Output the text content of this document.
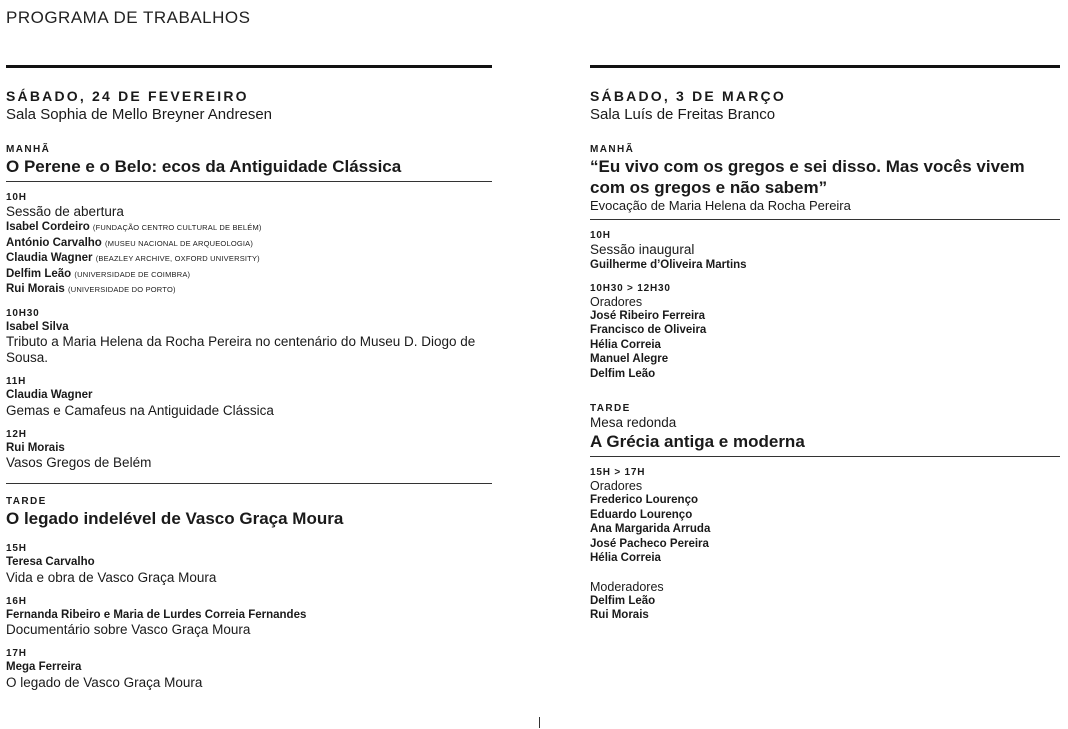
PROGRAMA DE TRABALHOS
SÁBADO, 24 DE FEVEREIRO
Sala Sophia de Mello Breyner Andresen
MANHÃ
O Perene e o Belo: ecos da Antiguidade Clássica
10H
Sessão de abertura
Isabel Cordeiro (FUNDAÇÃO CENTRO CULTURAL DE BELÉM)
António Carvalho (MUSEU NACIONAL DE ARQUEOLOGIA)
Claudia Wagner (BEAZLEY ARCHIVE, OXFORD UNIVERSITY)
Delfim Leão (UNIVERSIDADE DE COIMBRA)
Rui Morais (UNIVERSIDADE DO PORTO)
10H30
Isabel Silva
Tributo a Maria Helena da Rocha Pereira no centenário do Museu D. Diogo de Sousa.
11H
Claudia Wagner
Gemas e Camafeus na Antiguidade Clássica
12H
Rui Morais
Vasos Gregos de Belém
TARDE
O legado indelével de Vasco Graça Moura
15H
Teresa Carvalho
Vida e obra de Vasco Graça Moura
16H
Fernanda Ribeiro e Maria de Lurdes Correia Fernandes
Documentário sobre Vasco Graça Moura
17H
Mega Ferreira
O legado de Vasco Graça Moura
SÁBADO, 3 DE MARÇO
Sala Luís de Freitas Branco
MANHÃ
“Eu vivo com os gregos e sei disso. Mas vocês vivem com os gregos e não sabem”
Evocação de Maria Helena da Rocha Pereira
10H
Sessão inaugural
Guilherme d’Oliveira Martins
10H30 > 12H30
Oradores
José Ribeiro Ferreira
Francisco de Oliveira
Hélia Correia
Manuel Alegre
Delfim Leão
TARDE
Mesa redonda
A Grécia antiga e moderna
15H > 17H
Oradores
Frederico Lourenço
Eduardo Lourenço
Ana Margarida Arruda
José Pacheco Pereira
Hélia Correia
Moderadores
Delfim Leão
Rui Morais
